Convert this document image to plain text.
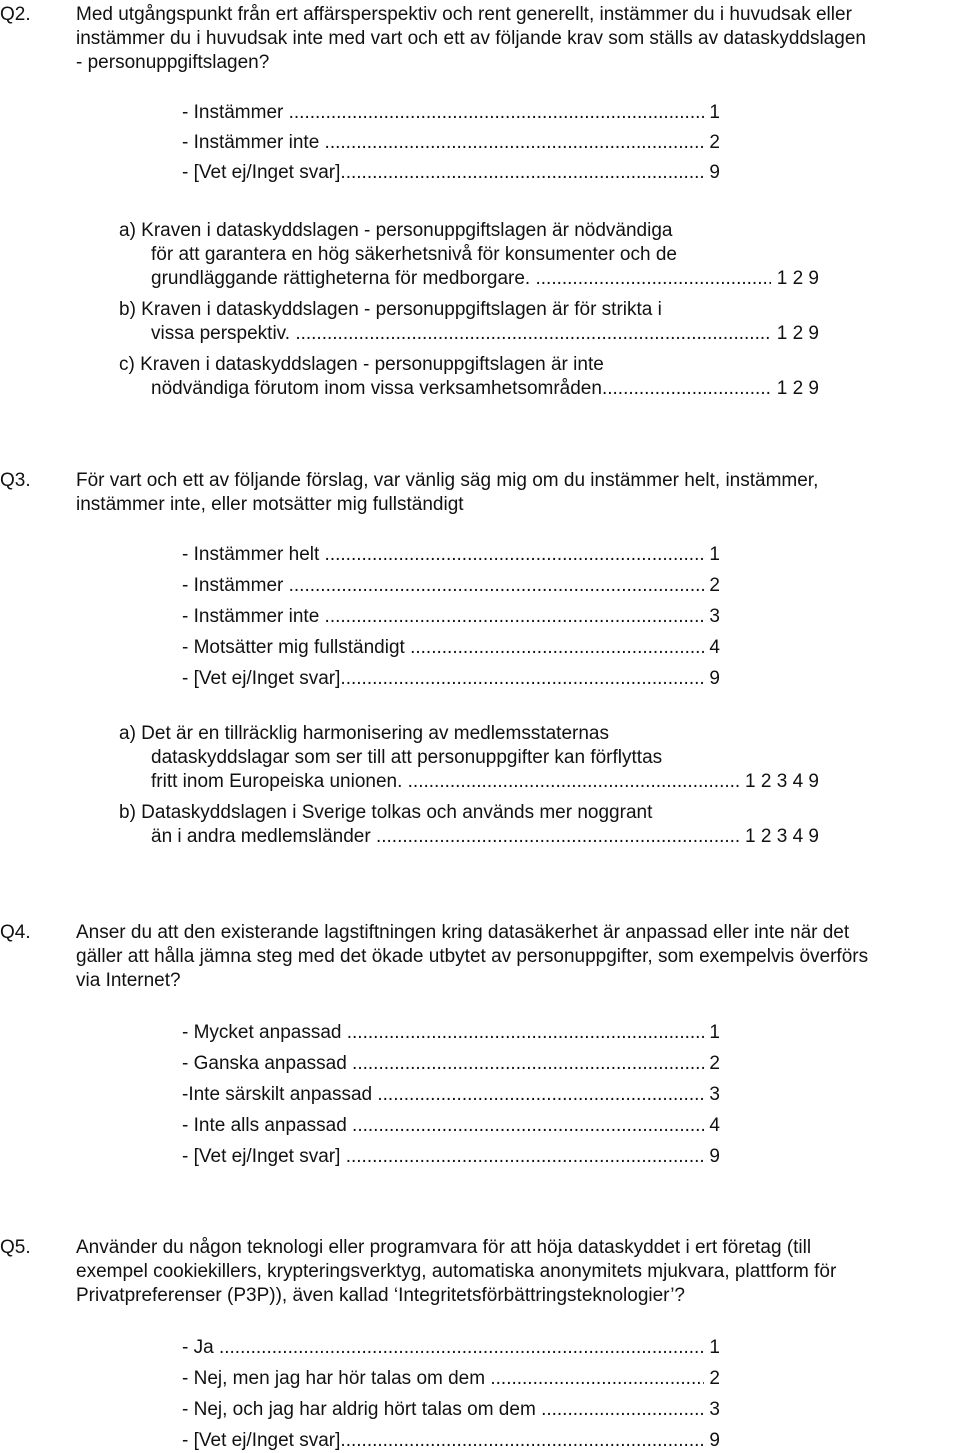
Q2. Med utgångspunkt från ert affärsperspektiv och rent generellt, instämmer du i huvudsak eller
instämmer du i huvudsak inte med vart och ett av följande krav som ställs av dataskyddslagen
- personuppgiftslagen?
- Instämmer .....	1
- Instämmer inte .....	2
- [Vet ej/Inget svar] .....	9
a) Kraven i dataskyddslagen - personuppgiftslagen är nödvändiga
för att garantera en hög säkerhetsnivå för konsumenter och de
grundläggande rättigheterna för medborgare. .....	1 2 9
b) Kraven i dataskyddslagen - personuppgiftslagen är för strikta i
vissa perspektiv. .....	1 2 9
c) Kraven i dataskyddslagen - personuppgiftslagen är inte
nödvändiga förutom inom vissa verksamhetsområden .....	1 2 9
Q3. För vart och ett av följande förslag, var vänlig säg mig om du instämmer helt, instämmer,
instämmer inte, eller motsätter mig fullständigt
- Instämmer helt .....	1
- Instämmer .....	2
- Instämmer inte .....	3
- Motsätter mig fullständigt .....	4
- [Vet ej/Inget svar] .....	9
a) Det är en tillräcklig harmonisering av medlemsstaternas
dataskyddslagar som ser till att personuppgifter kan förflyttas
fritt inom Europeiska unionen. .....	1 2 3 4 9
b) Dataskyddslagen i Sverige tolkas och används mer noggrant
än i andra medlemsländer .....	1 2 3 4 9
Q4. Anser du att den existerande lagstiftningen kring datasäkerhet är anpassad eller inte när det
gäller att hålla jämna steg med det ökade utbytet av personuppgifter, som exempelvis överförs
via Internet?
- Mycket anpassad .....	1
- Ganska anpassad .....	2
-Inte särskilt anpassad .....	3
- Inte alls anpassad .....	4
- [Vet ej/Inget svar] .....	9
Q5. Använder du någon teknologi eller programvara för att höja dataskyddet i ert företag (till
exempel cookiekillers, krypteringsverktyg, automatiska anonymitets mjukvara, plattform för
Privatpreferenser (P3P)), även kallad ‘Integritetsförbättringsteknologier’?
- Ja .....	1
- Nej, men jag har hör talas om dem .....	2
- Nej, och jag har aldrig hört talas om dem .....	3
- [Vet ej/Inget svar] .....	9
